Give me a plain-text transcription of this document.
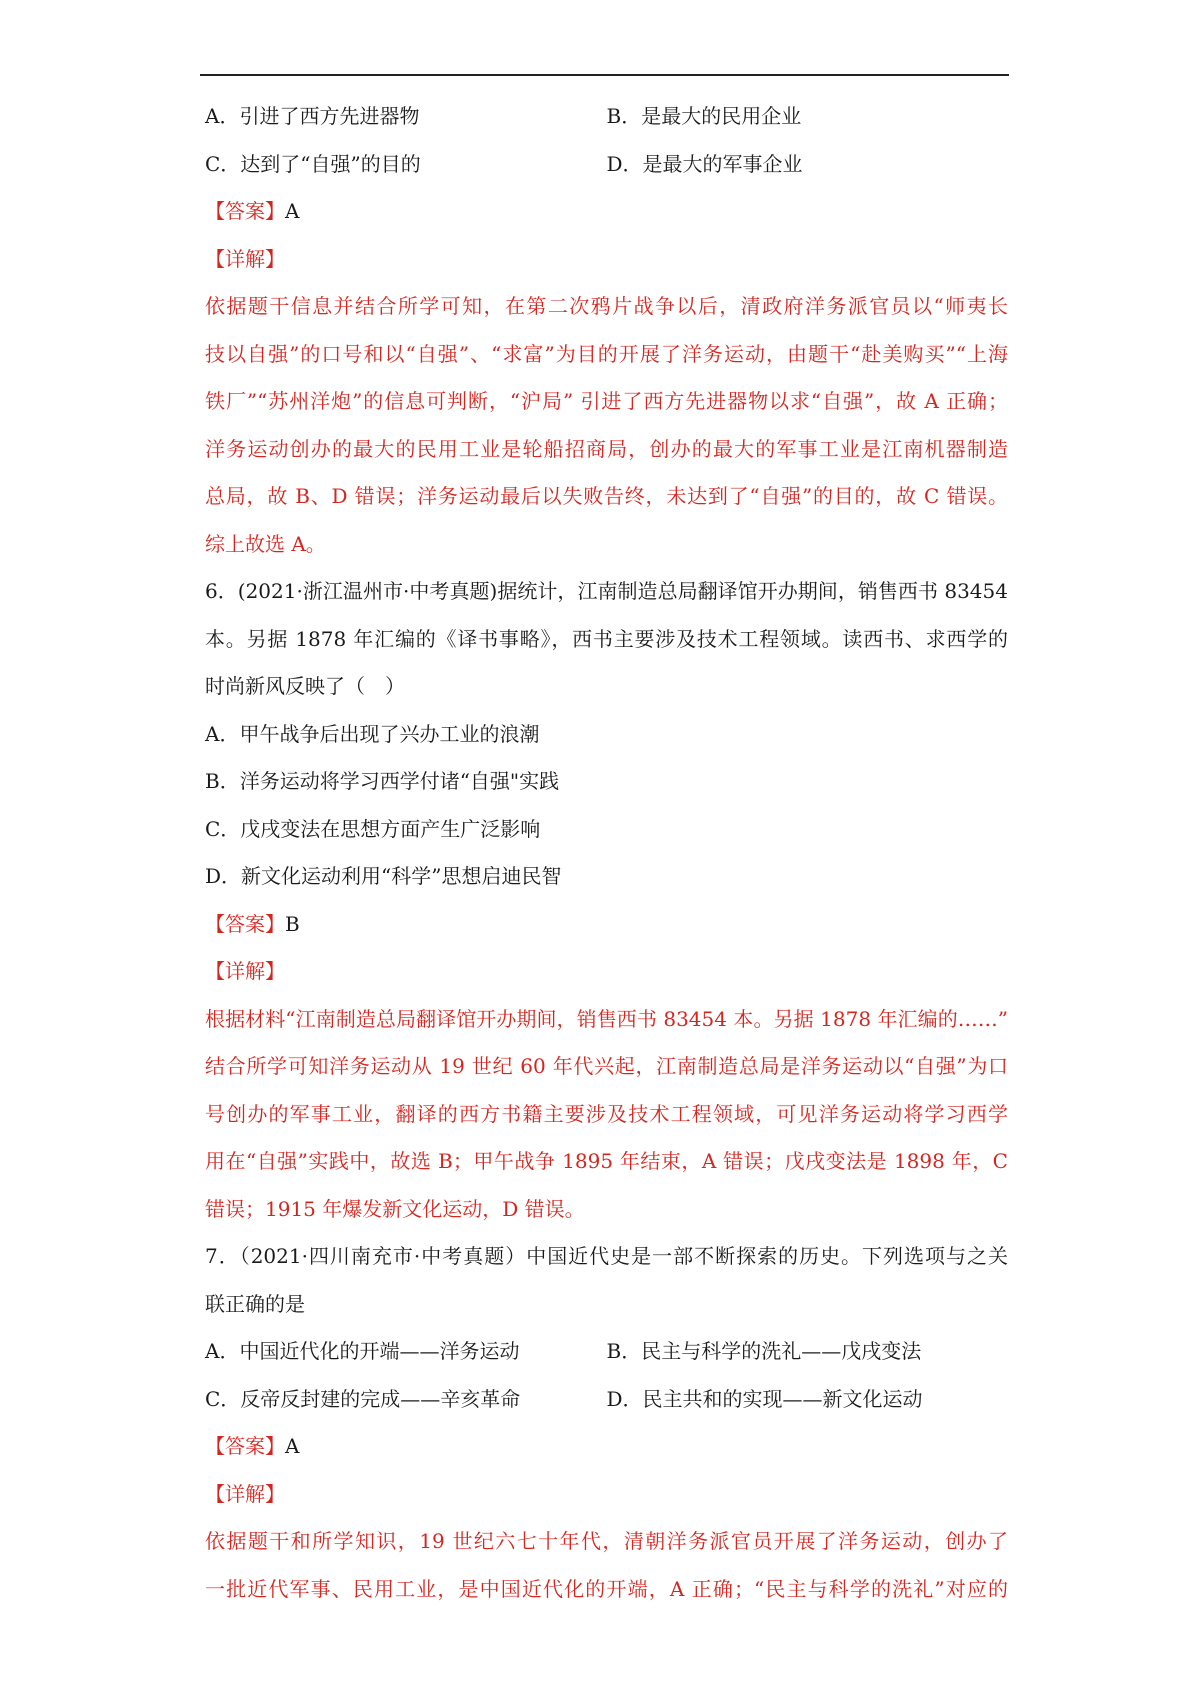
A．引进了西方先进器物	B．是最大的民用企业
C．达到了“自强”的目的	D．是最大的军事企业
【答案】A
【详解】
依据题干信息并结合所学可知，在第二次鸦片战争以后，清政府洋务派官员以“师夷长
技以自强”的口号和以“自强”、“求富”为目的开展了洋务运动，由题干“赴美购买”“上海
铁厂”“苏州洋炮”的信息可判断，“沪局” 引进了西方先进器物以求“自强”，故 A 正确；
洋务运动创办的最大的民用工业是轮船招商局，创办的最大的军事工业是江南机器制造
总局，故 B、D 错误；洋务运动最后以失败告终，未达到了“自强”的目的，故 C 错误。
综上故选 A。
6．(2021·浙江温州市·中考真题)据统计，江南制造总局翻译馆开办期间，销售西书 83454
本。另据 1878 年汇编的《译书事略》，西书主要涉及技术工程领域。读西书、求西学的
时尚新风反映了（　）
A．甲午战争后出现了兴办工业的浪潮
B．洋务运动将学习西学付诸“自强"实践
C．戊戌变法在思想方面产生广泛影响
D．新文化运动利用“科学”思想启迪民智
【答案】B
【详解】
根据材料“江南制造总局翻译馆开办期间，销售西书 83454 本。另据 1878 年汇编的……”
结合所学可知洋务运动从 19 世纪 60 年代兴起，江南制造总局是洋务运动以“自强”为口
号创办的军事工业，翻译的西方书籍主要涉及技术工程领域，可见洋务运动将学习西学
用在“自强”实践中，故选 B；甲午战争 1895 年结束，A 错误；戊戌变法是 1898 年，C
错误；1915 年爆发新文化运动，D 错误。
7．（2021·四川南充市·中考真题）中国近代史是一部不断探索的历史。下列选项与之关
联正确的是
A．中国近代化的开端——洋务运动	B．民主与科学的洗礼——戊戌变法
C．反帝反封建的完成——辛亥革命	D．民主共和的实现——新文化运动
【答案】A
【详解】
依据题干和所学知识，19 世纪六七十年代，清朝洋务派官员开展了洋务运动，创办了
一批近代军事、民用工业，是中国近代化的开端，A 正确；“民主与科学的洗礼”对应的
